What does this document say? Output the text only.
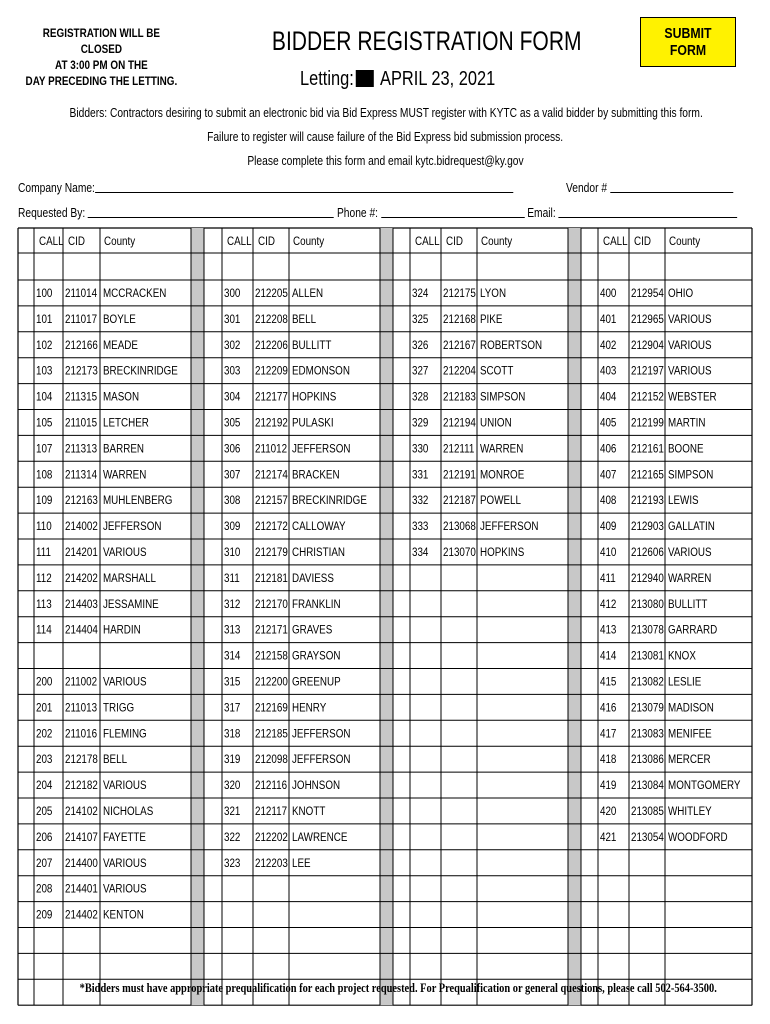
REGISTRATION WILL BE CLOSED
AT 3:00 PM ON THE
DAY PRECEDING THE LETTING.
BIDDER REGISTRATION FORM
Letting: APRIL 23, 2021
SUBMIT FORM
Bidders: Contractors desiring to submit an electronic bid via Bid Express MUST register with KYTC as a valid bidder by submitting this form.
Failure to register will cause failure of the Bid Express bid submission process.
Please complete this form and email kytc.bidrequest@ky.gov
Company Name:	Vendor #
Requested By:	Phone #:	Email:
CALL CID County
100 211014 MCCRACKEN
101 211017 BOYLE
102 212166 MEADE
103 212173 BRECKINRIDGE
104 211315 MASON
105 211015 LETCHER
107 211313 BARREN
108 211314 WARREN
109 212163 MUHLENBERG
110 214002 JEFFERSON
111 214201 VARIOUS
112 214202 MARSHALL
113 214403 JESSAMINE
114 214404 HARDIN
200 211002 VARIOUS
201 211013 TRIGG
202 211016 FLEMING
203 212178 BELL
204 212182 VARIOUS
205 214102 NICHOLAS
206 214107 FAYETTE
207 214400 VARIOUS
208 214401 VARIOUS
209 214402 KENTON
CALL CID County
300 212205 ALLEN
301 212208 BELL
302 212206 BULLITT
303 212209 EDMONSON
304 212177 HOPKINS
305 212192 PULASKI
306 211012 JEFFERSON
307 212174 BRACKEN
308 212157 BRECKINRIDGE
309 212172 CALLOWAY
310 212179 CHRISTIAN
311 212181 DAVIESS
312 212170 FRANKLIN
313 212171 GRAVES
314 212158 GRAYSON
315 212200 GREENUP
317 212169 HENRY
318 212185 JEFFERSON
319 212098 JEFFERSON
320 212116 JOHNSON
321 212117 KNOTT
322 212202 LAWRENCE
323 212203 LEE
CALL CID County
324 212175 LYON
325 212168 PIKE
326 212167 ROBERTSON
327 212204 SCOTT
328 212183 SIMPSON
329 212194 UNION
330 212111 WARREN
331 212191 MONROE
332 212187 POWELL
333 213068 JEFFERSON
334 213070 HOPKINS
CALL CID County
400 212954 OHIO
401 212965 VARIOUS
402 212904 VARIOUS
403 212197 VARIOUS
404 212152 WEBSTER
405 212199 MARTIN
406 212161 BOONE
407 212165 SIMPSON
408 212193 LEWIS
409 212903 GALLATIN
410 212606 VARIOUS
411 212940 WARREN
412 213080 BULLITT
413 213078 GARRARD
414 213081 KNOX
415 213082 LESLIE
416 213079 MADISON
417 213083 MENIFEE
418 213086 MERCER
419 213084 MONTGOMERY
420 213085 WHITLEY
421 213054 WOODFORD
*Bidders must have appropriate prequalification for each project requested. For Prequalification or general questions, please call 502-564-3500.
